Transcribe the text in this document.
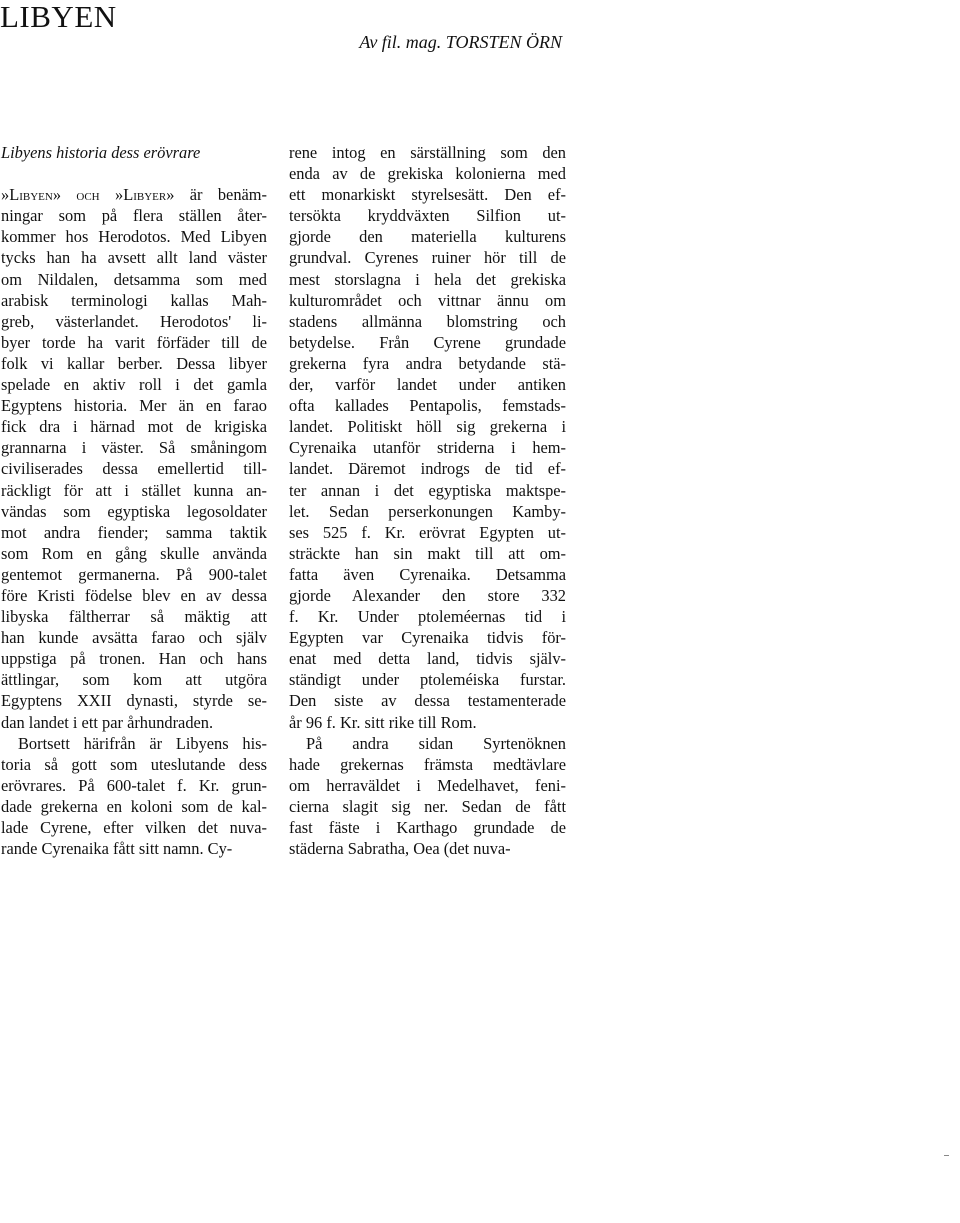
LIBYEN
Av fil. mag. TORSTEN ÖRN
Libyens historia dess erövrare
»Libyen» och »Libyer» är benäm-
ningar som på flera ställen åter-
kommer hos Herodotos. Med Libyen
tycks han ha avsett allt land väster
om Nildalen, detsamma som med
arabisk terminologi kallas Mah-
greb, västerlandet. Herodotos' li-
byer torde ha varit förfäder till de
folk vi kallar berber. Dessa libyer
spelade en aktiv roll i det gamla
Egyptens historia. Mer än en farao
fick dra i härnad mot de krigiska
grannarna i väster. Så småningom
civiliserades dessa emellertid till-
räckligt för att i stället kunna an-
vändas som egyptiska legosoldater
mot andra fiender; samma taktik
som Rom en gång skulle använda
gentemot germanerna. På 900-talet
före Kristi födelse blev en av dessa
libyska fältherrar så mäktig att
han kunde avsätta farao och själv
uppstiga på tronen. Han och hans
ättlingar, som kom att utgöra
Egyptens XXII dynasti, styrde se-
dan landet i ett par århundraden.
Bortsett härifrån är Libyens his-
toria så gott som uteslutande dess
erövrares. På 600-talet f. Kr. grun-
dade grekerna en koloni som de kal-
lade Cyrene, efter vilken det nuva-
rande Cyrenaika fått sitt namn. Cy-
rene intog en särställning som den
enda av de grekiska kolonierna med
ett monarkiskt styrelsesätt. Den ef-
tersökta kryddväxten Silfion ut-
gjorde den materiella kulturens
grundval. Cyrenes ruiner hör till de
mest storslagna i hela det grekiska
kulturområdet och vittnar ännu om
stadens allmänna blomstring och
betydelse. Från Cyrene grundade
grekerna fyra andra betydande stä-
der, varför landet under antiken
ofta kallades Pentapolis, femstads-
landet. Politiskt höll sig grekerna i
Cyrenaika utanför striderna i hem-
landet. Däremot indrogs de tid ef-
ter annan i det egyptiska maktspe-
let. Sedan perserkonungen Kamby-
ses 525 f. Kr. erövrat Egypten ut-
sträckte han sin makt till att om-
fatta även Cyrenaika. Detsamma
gjorde Alexander den store 332
f. Kr. Under ptoleméernas tid i
Egypten var Cyrenaika tidvis för-
enat med detta land, tidvis själv-
ständigt under ptoleméiska furstar.
Den siste av dessa testamenterade
år 96 f. Kr. sitt rike till Rom.
På andra sidan Syrtenöknen
hade grekernas främsta medtävlare
om herraväldet i Medelhavet, feni-
cierna slagit sig ner. Sedan de fått
fast fäste i Karthago grundade de
städerna Sabratha, Oea (det nuva-
